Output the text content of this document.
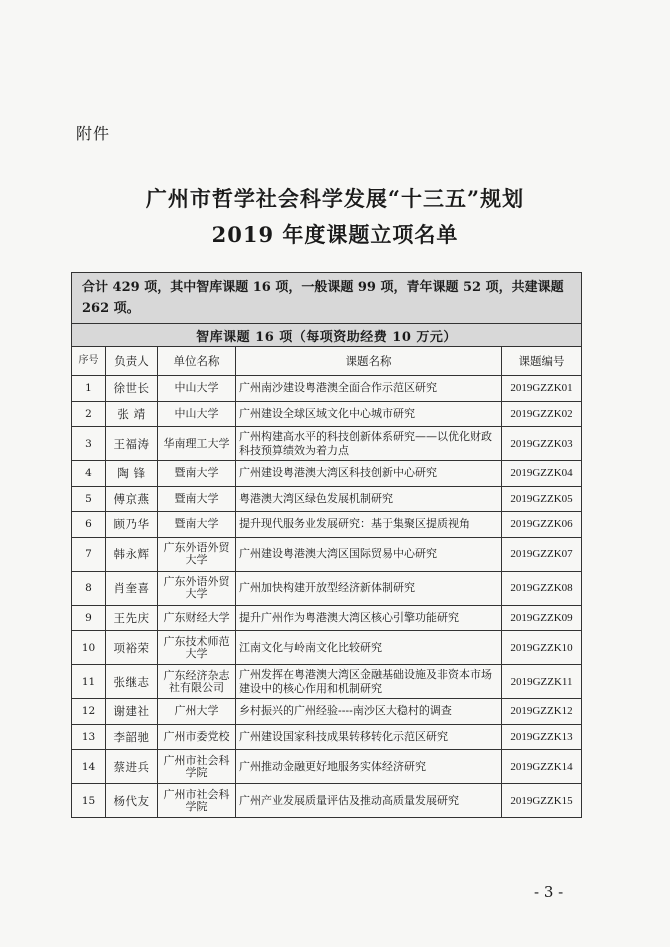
附件
广州市哲学社会科学发展“十三五”规划
2019 年度课题立项名单
合计 429 项，其中智库课题 16 项，一般课题 99 项，青年课题 52 项，共建课题 262 项。				
智库课题 16 项（每项资助经费 10 万元）				
序号	负责人	单位名称	课题名称	课题编号
1	徐世长	中山大学	广州南沙建设粤港澳全面合作示范区研究	2019GZZK01
2	张 靖	中山大学	广州建设全球区域文化中心城市研究	2019GZZK02
3	王福涛	华南理工大学	广州构建高水平的科技创新体系研究——以优化财政科技预算绩效为着力点	2019GZZK03
4	陶 锋	暨南大学	广州建设粤港澳大湾区科技创新中心研究	2019GZZK04
5	傅京燕	暨南大学	粤港澳大湾区绿色发展机制研究	2019GZZK05
6	顾乃华	暨南大学	提升现代服务业发展研究：基于集聚区提质视角	2019GZZK06
7	韩永辉	广东外语外贸大学	广州建设粤港澳大湾区国际贸易中心研究	2019GZZK07
8	肖奎喜	广东外语外贸大学	广州加快构建开放型经济新体制研究	2019GZZK08
9	王先庆	广东财经大学	提升广州作为粤港澳大湾区核心引擎功能研究	2019GZZK09
10	项裕荣	广东技术师范大学	江南文化与岭南文化比较研究	2019GZZK10
11	张继志	广东经济杂志社有限公司	广州发挥在粤港澳大湾区金融基础设施及非资本市场建设中的核心作用和机制研究	2019GZZK11
12	谢建社	广州大学	乡村振兴的广州经验----南沙区大稳村的调查	2019GZZK12
13	李韶驰	广州市委党校	广州建设国家科技成果转移转化示范区研究	2019GZZK13
14	蔡进兵	广州市社会科学院	广州推动金融更好地服务实体经济研究	2019GZZK14
15	杨代友	广州市社会科学院	广州产业发展质量评估及推动高质量发展研究	2019GZZK15
- 3 -
